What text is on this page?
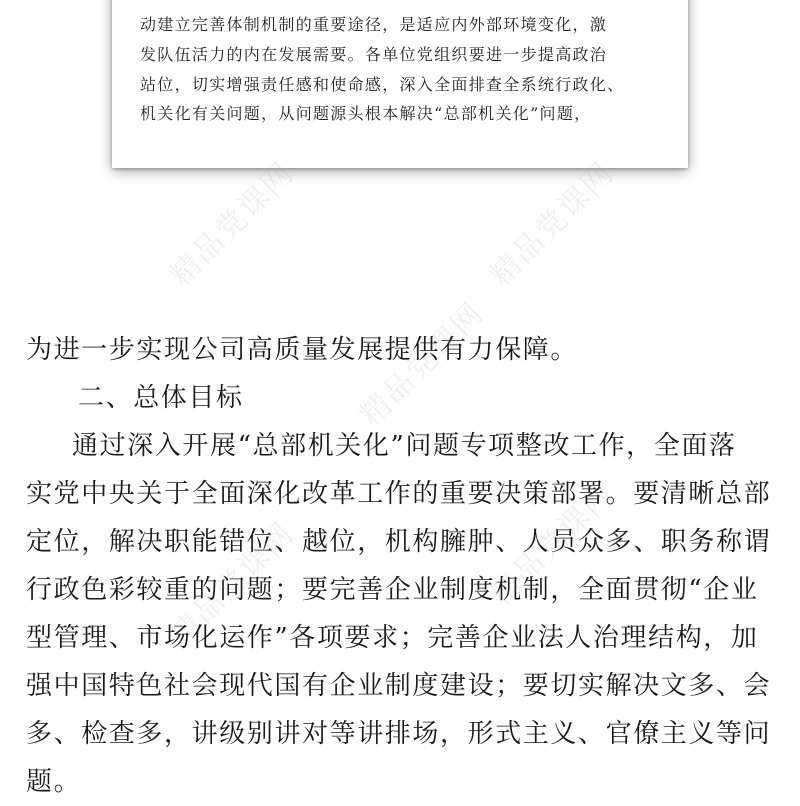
动建立完善体制机制的重要途径，是适应内外部环境变化，激
发队伍活力的内在发展需要。各单位党组织要进一步提高政治
站位，切实增强责任感和使命感，深入全面排查全系统行政化、
机关化有关问题，从问题源头根本解决“总部机关化”问题，
为进一步实现公司高质量发展提供有力保障。
二、总体目标
通过深入开展“总部机关化”问题专项整改工作，全面落
实党中央关于全面深化改革工作的重要决策部署。要清晰总部
定位，解决职能错位、越位，机构臃肿、人员众多、职务称谓
行政色彩较重的问题；要完善企业制度机制，全面贯彻“企业
型管理、市场化运作”各项要求；完善企业法人治理结构，加
强中国特色社会现代国有企业制度建设；要切实解决文多、会
多、检查多，讲级别讲对等讲排场，形式主义、官僚主义等问
题。
精品党课网	精品党课网
精品党课网
精品党课网
精品党课网
